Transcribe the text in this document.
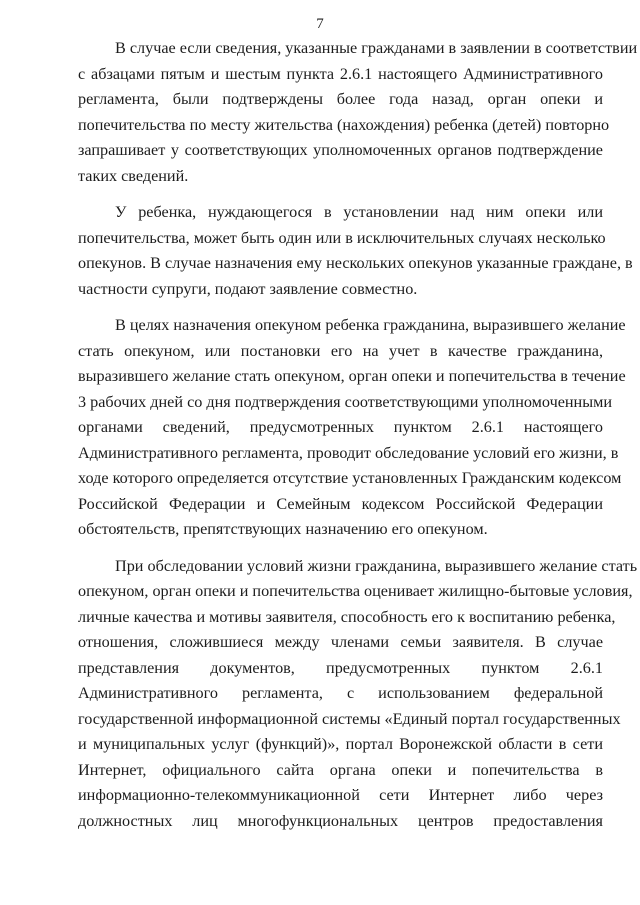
7
В случае если сведения, указанные гражданами в заявлении в соответствии
с абзацами пятым и шестым пункта 2.6.1 настоящего Административного
регламента, были подтверждены более года назад, орган опеки и
попечительства по месту жительства (нахождения) ребенка (детей) повторно
запрашивает у соответствующих уполномоченных органов подтверждение
таких сведений.
У ребенка, нуждающегося в установлении над ним опеки или
попечительства, может быть один или в исключительных случаях несколько
опекунов. В случае назначения ему нескольких опекунов указанные граждане, в
частности супруги, подают заявление совместно.
В целях назначения опекуном ребенка гражданина, выразившего желание
стать опекуном, или постановки его на учет в качестве гражданина,
выразившего желание стать опекуном, орган опеки и попечительства в течение
3 рабочих дней со дня подтверждения соответствующими уполномоченными
органами сведений, предусмотренных пунктом 2.6.1 настоящего
Административного регламента, проводит обследование условий его жизни, в
ходе которого определяется отсутствие установленных Гражданским кодексом
Российской Федерации и Семейным кодексом Российской Федерации
обстоятельств, препятствующих назначению его опекуном.
При обследовании условий жизни гражданина, выразившего желание стать
опекуном, орган опеки и попечительства оценивает жилищно-бытовые условия,
личные качества и мотивы заявителя, способность его к воспитанию ребенка,
отношения, сложившиеся между членами семьи заявителя. В случае
представления документов, предусмотренных пунктом 2.6.1
Административного регламента, с использованием федеральной
государственной информационной системы «Единый портал государственных
и муниципальных услуг (функций)», портал Воронежской области в сети
Интернет, официального сайта органа опеки и попечительства в
информационно-телекоммуникационной сети Интернет либо через
должностных лиц многофункциональных центров предоставления
